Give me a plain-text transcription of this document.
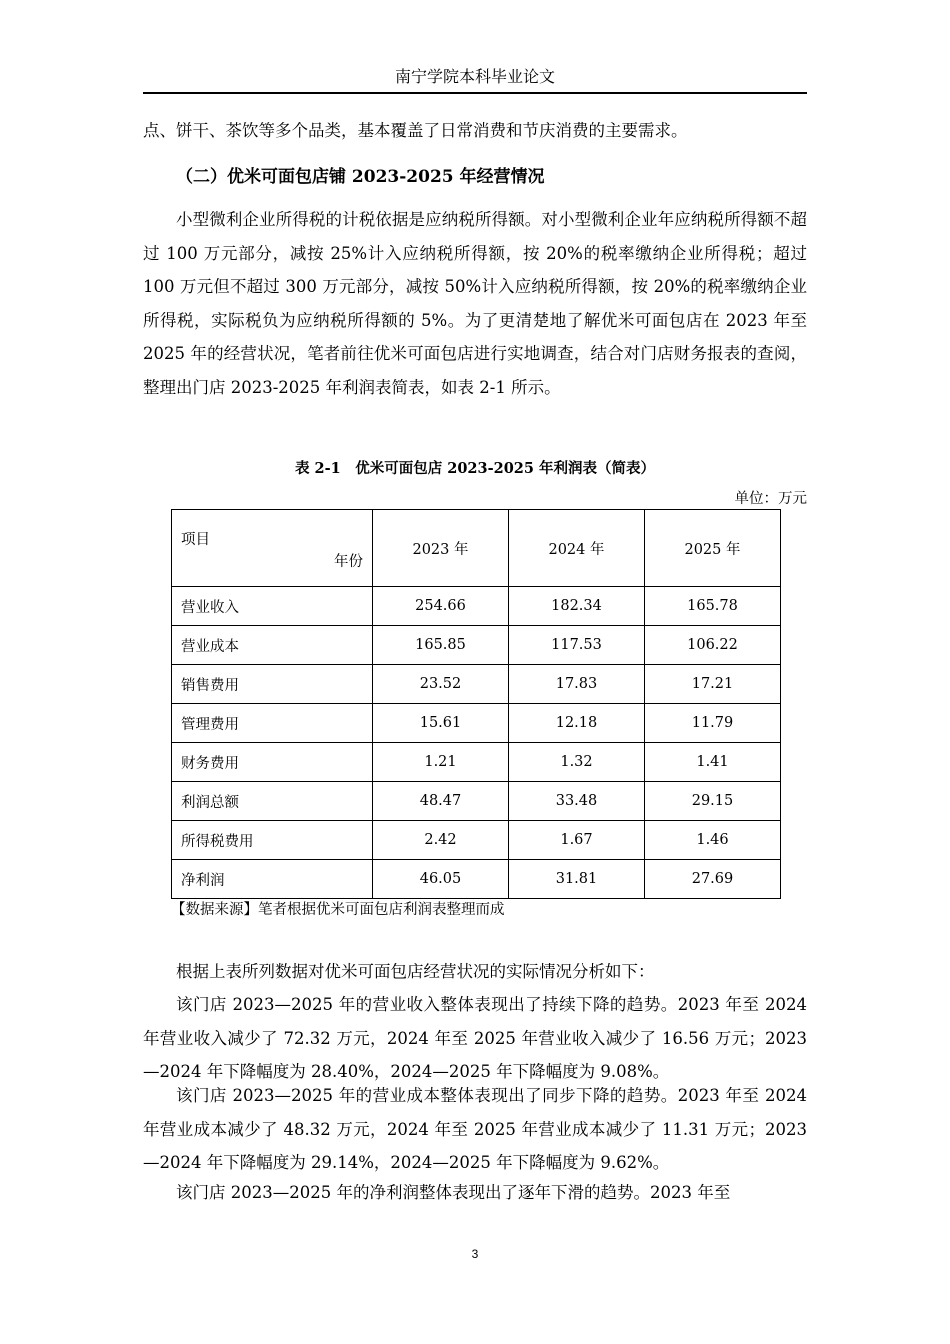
南宁学院本科毕业论文

点、饼干、茶饮等多个品类，基本覆盖了日常消费和节庆消费的主要需求。

（二）优米可面包店铺 2023-2025 年经营情况

小型微利企业所得税的计税依据是应纳税所得额。对小型微利企业年应纳税所得额不超过 100 万元部分，减按 25%计入应纳税所得额，按 20%的税率缴纳企业所得税；超过 100 万元但不超过 300 万元部分，减按 50%计入应纳税所得额，按 20%的税率缴纳企业所得税，实际税负为应纳税所得额的 5%。为了更清楚地了解优米可面包店在 2023 年至 2025 年的经营状况，笔者前往优米可面包店进行实地调查，结合对门店财务报表的查阅，整理出门店 2023-2025 年利润表简表，如表 2-1 所示。

表 2-1　优米可面包店 2023-2025 年利润表（简表）
单位：万元
项目
年份	2023 年	2024 年	2025 年
营业收入	254.66	182.34	165.78
营业成本	165.85	117.53	106.22
销售费用	23.52	17.83	17.21
管理费用	15.61	12.18	11.79
财务费用	1.21	1.32	1.41
利润总额	48.47	33.48	29.15
所得税费用	2.42	1.67	1.46
净利润	46.05	31.81	27.69
【数据来源】笔者根据优米可面包店利润表整理而成

根据上表所列数据对优米可面包店经营状况的实际情况分析如下：

该门店 2023—2025 年的营业收入整体表现出了持续下降的趋势。2023 年至 2024 年营业收入减少了 72.32 万元，2024 年至 2025 年营业收入减少了 16.56 万元；2023—2024 年下降幅度为 28.40%，2024—2025 年下降幅度为 9.08%。

该门店 2023—2025 年的营业成本整体表现出了同步下降的趋势。2023 年至 2024 年营业成本减少了 48.32 万元，2024 年至 2025 年营业成本减少了 11.31 万元；2023—2024 年下降幅度为 29.14%，2024—2025 年下降幅度为 9.62%。

该门店 2023—2025 年的净利润整体表现出了逐年下滑的趋势。2023 年至

3
